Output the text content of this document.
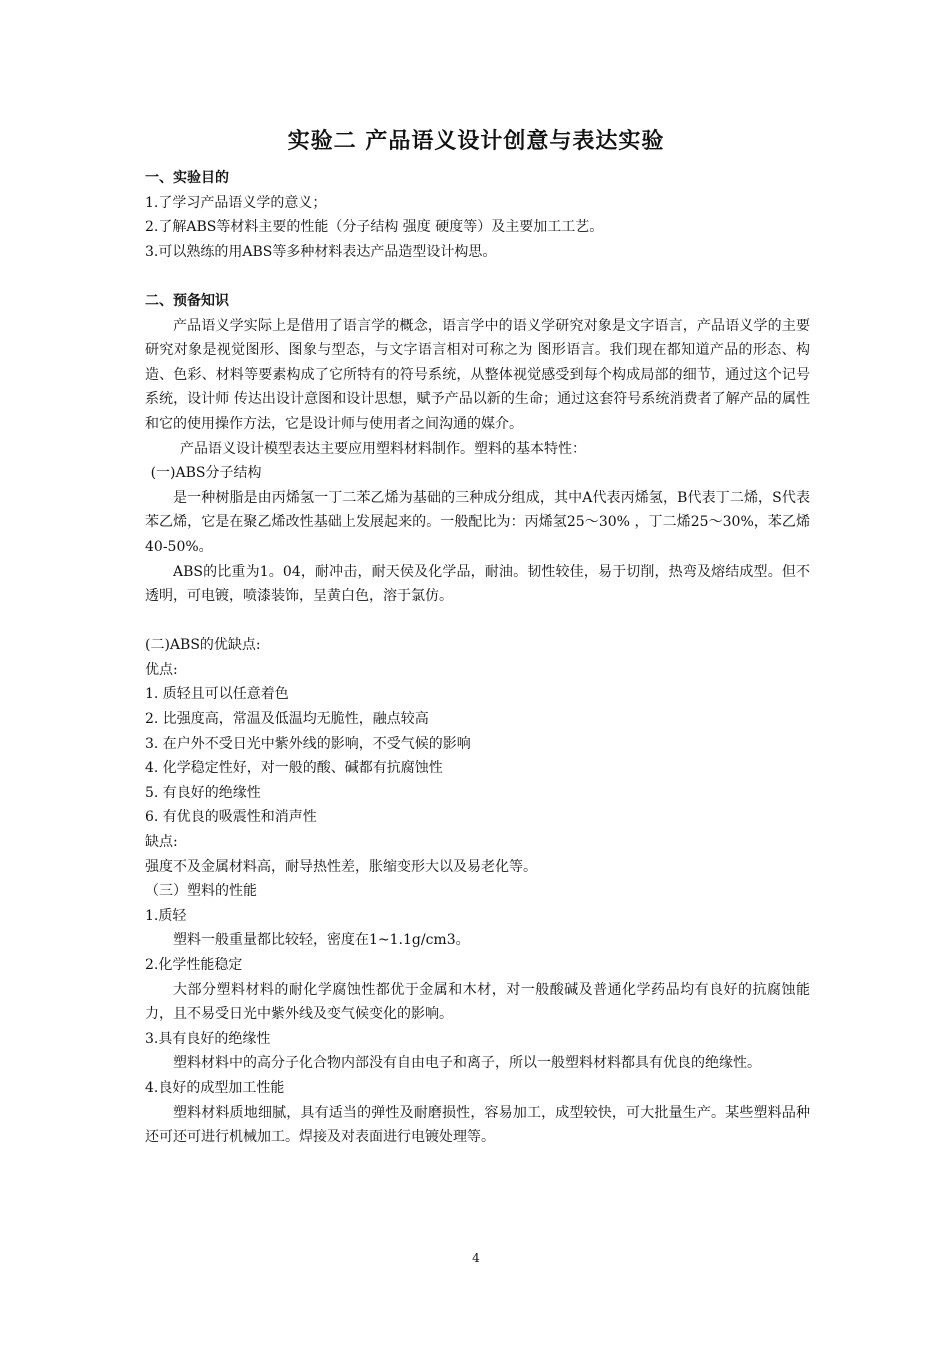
实验二 产品语义设计创意与表达实验

一、实验目的

1.了学习产品语义学的意义；

2.了解ABS等材料主要的性能（分子结构 强度 硬度等）及主要加工工艺。

3.可以熟练的用ABS等多种材料表达产品造型设计构思。

二、预备知识

产品语义学实际上是借用了语言学的概念，语言学中的语义学研究对象是文字语言，产品语义学的主要研究对象是视觉图形、图象与型态，与文字语言相对可称之为 图形语言。我们现在都知道产品的形态、构造、色彩、材料等要素构成了它所特有的符号系统，从整体视觉感受到每个构成局部的细节，通过这个记号系统，设计师 传达出设计意图和设计思想，赋予产品以新的生命；通过这套符号系统消费者了解产品的属性和它的使用操作方法，它是设计师与使用者之间沟通的媒介。

产品语义设计模型表达主要应用塑料材料制作。塑料的基本特性：

(一)ABS分子结构

是一种树脂是由丙烯氢一丁二苯乙烯为基础的三种成分组成，其中A代表丙烯氢，B代表丁二烯，S代表苯乙烯，它是在聚乙烯改性基础上发展起来的。一般配比为：丙烯氢25～30% ，丁二烯25～30%，苯乙烯40-50%。

ABS的比重为1。04，耐冲击，耐天侯及化学品，耐油。韧性较佳，易于切削，热弯及熔结成型。但不透明，可电镀，喷漆装饰，呈黄白色，溶于氯仿。

(二)ABS的优缺点:

优点:

1. 质轻且可以任意着色

2. 比强度高，常温及低温均无脆性，融点较高

3. 在户外不受日光中紫外线的影响，不受气候的影响

4. 化学稳定性好，对一般的酸、碱都有抗腐蚀性

5. 有良好的绝缘性

6. 有优良的吸震性和消声性

缺点:

强度不及金属材料高，耐导热性差，胀缩变形大以及易老化等。

（三）塑料的性能

1.质轻

塑料一般重量都比较轻，密度在1~1.1g/cm3。

2.化学性能稳定

大部分塑料材料的耐化学腐蚀性都优于金属和木材，对一般酸碱及普通化学药品均有良好的抗腐蚀能力，且不易受日光中紫外线及变气候变化的影响。

3.具有良好的绝缘性

塑料材料中的高分子化合物内部没有自由电子和离子，所以一般塑料材料都具有优良的绝缘性。

4.良好的成型加工性能

塑料材料质地细腻，具有适当的弹性及耐磨损性，容易加工，成型较快，可大批量生产。某些塑料品种还可还可进行机械加工。焊接及对表面进行电镀处理等。

4
